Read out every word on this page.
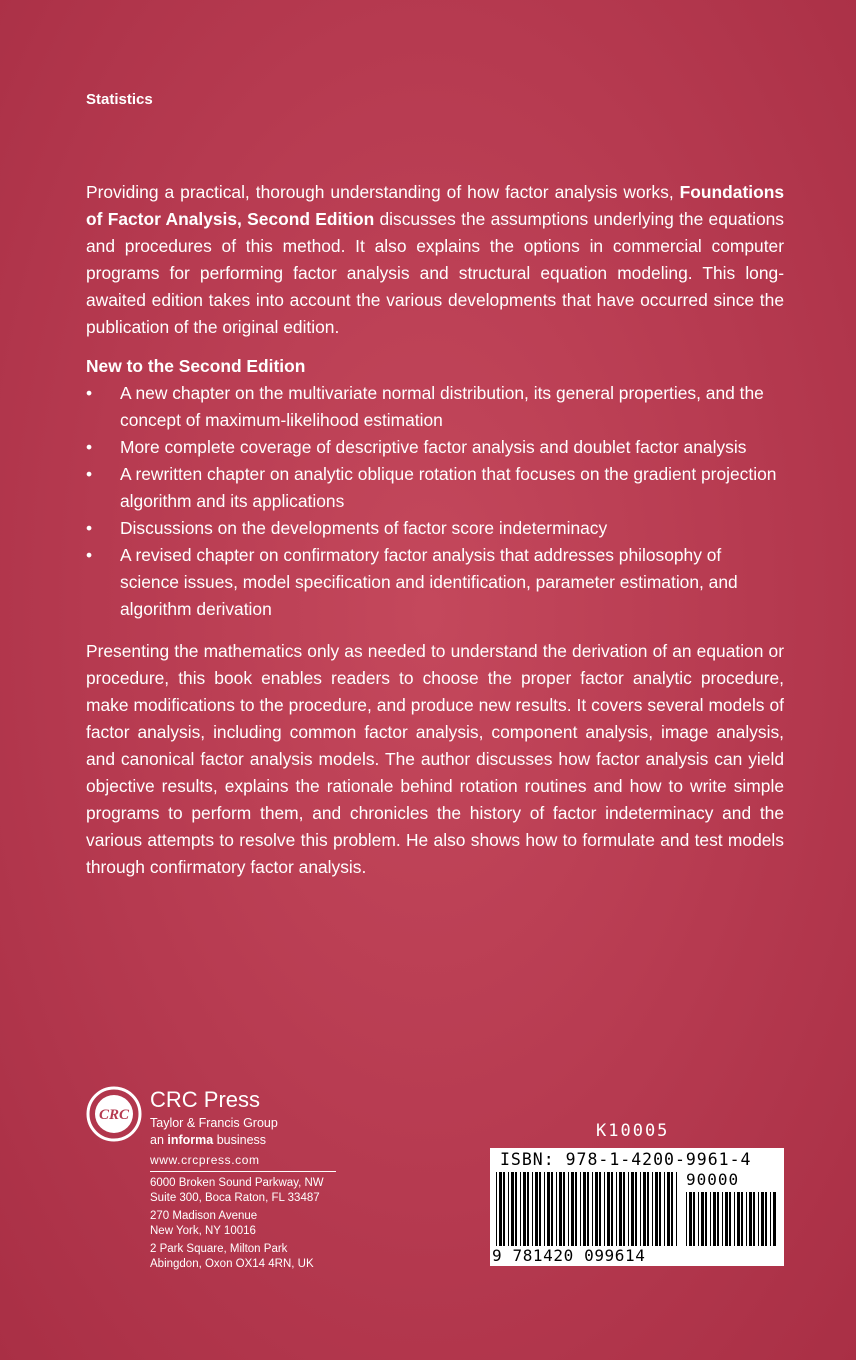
Statistics

Providing a practical, thorough understanding of how factor analysis works, Foundations of Factor Analysis, Second Edition discusses the assumptions underlying the equations and procedures of this method. It also explains the options in commercial computer programs for performing factor analysis and structural equation modeling. This long-awaited edition takes into account the various developments that have occurred since the publication of the original edition.

New to the Second Edition

• A new chapter on the multivariate normal distribution, its general properties, and the concept of maximum-likelihood estimation
• More complete coverage of descriptive factor analysis and doublet factor analysis
• A rewritten chapter on analytic oblique rotation that focuses on the gradient projection algorithm and its applications
• Discussions on the developments of factor score indeterminacy
• A revised chapter on confirmatory factor analysis that addresses philosophy of science issues, model specification and identification, parameter estimation, and algorithm derivation

Presenting the mathematics only as needed to understand the derivation of an equation or procedure, this book enables readers to choose the proper factor analytic procedure, make modifications to the procedure, and produce new results. It covers several models of factor analysis, including common factor analysis, component analysis, image analysis, and canonical factor analysis models. The author discusses how factor analysis can yield objective results, explains the rationale behind rotation routines and how to write simple programs to perform them, and chronicles the history of factor indeterminacy and the various attempts to resolve this problem. He also shows how to formulate and test models through confirmatory factor analysis.

CRC
CRC Press
Taylor & Francis Group
an informa business
www.crcpress.com
6000 Broken Sound Parkway, NW
Suite 300, Boca Raton, FL 33487
270 Madison Avenue
New York, NY 10016
2 Park Square, Milton Park
Abingdon, Oxon OX14 4RN, UK
K10005
ISBN: 978-1-4200-9961-4
90000
9 781420 099614
